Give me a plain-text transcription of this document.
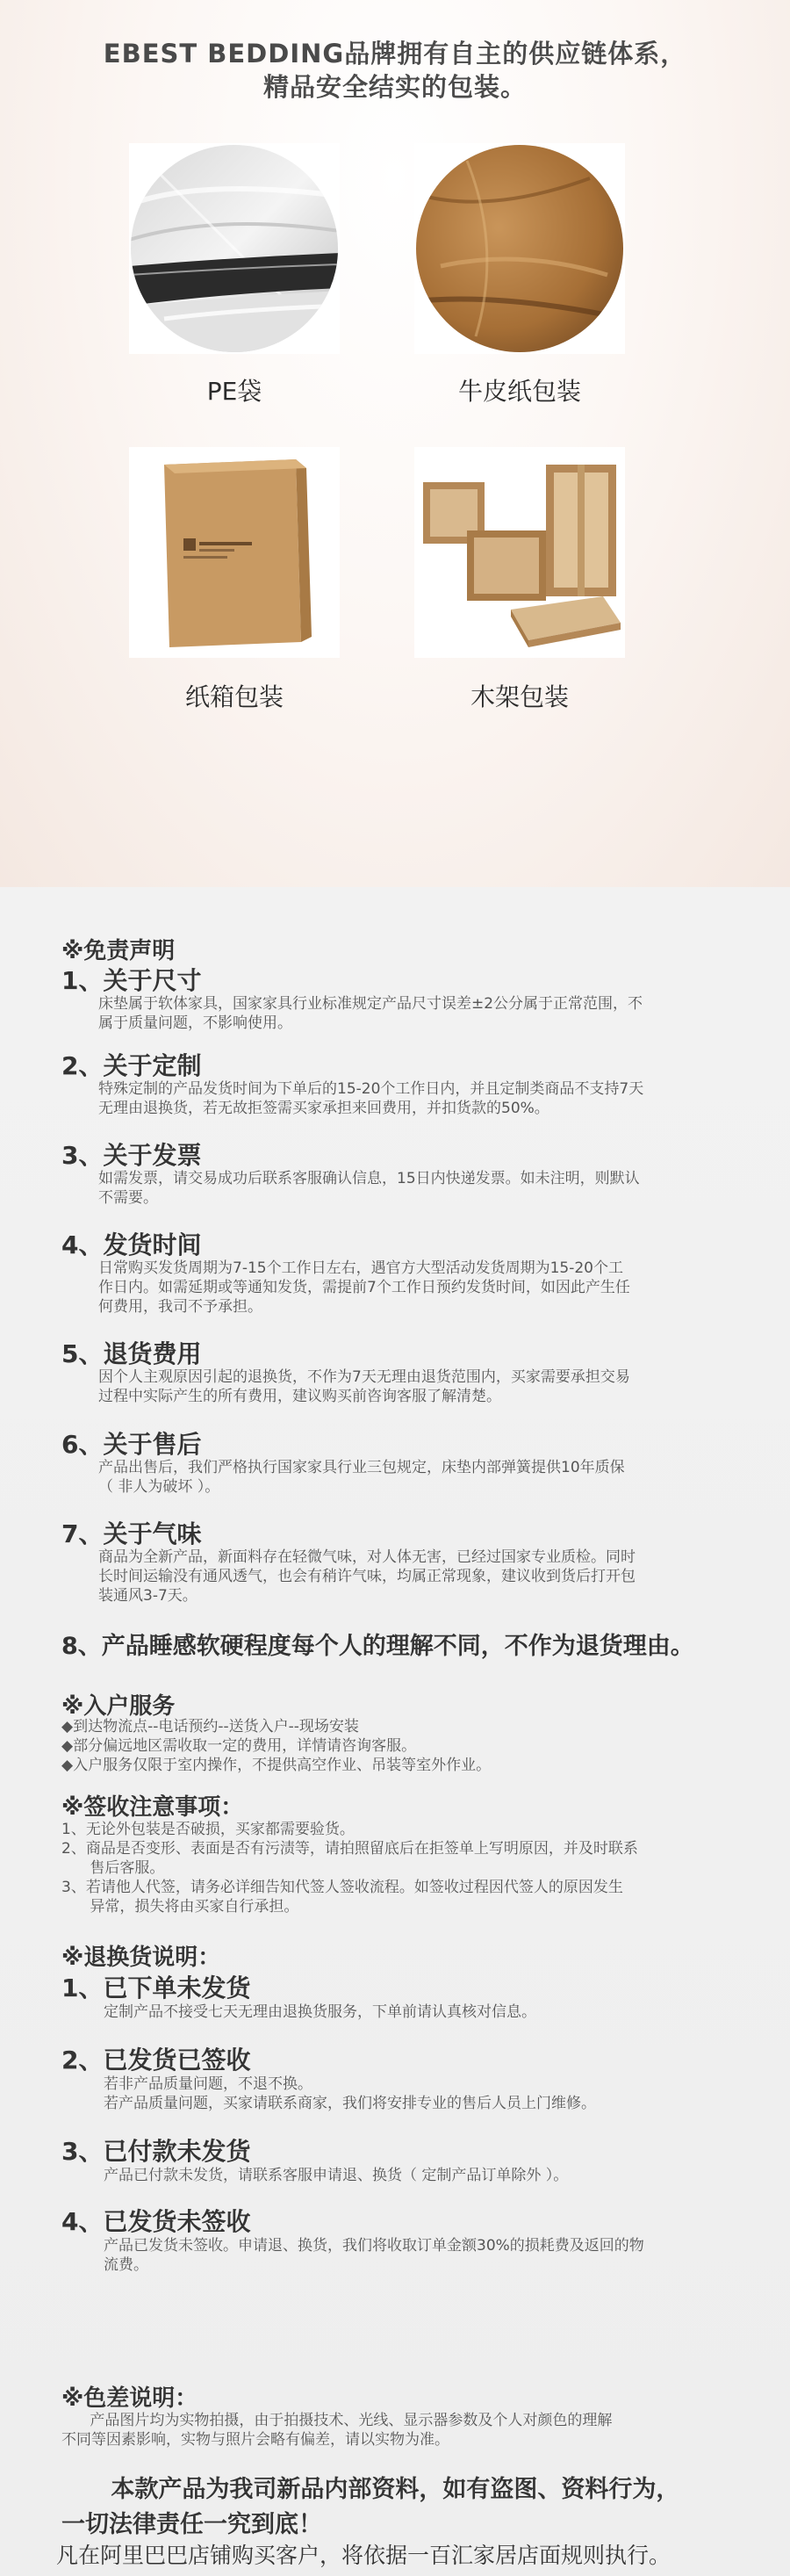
EBEST BEDDING品牌拥有自主的供应链体系，
精品安全结实的包装。
PE袋	牛皮纸包装
纸箱包装	木架包装
※免责声明
1、关于尺寸
床垫属于软体家具，国家家具行业标准规定产品尺寸误差±2公分属于正常范围，不
属于质量问题，不影响使用。
2、关于定制
特殊定制的产品发货时间为下单后的15-20个工作日内，并且定制类商品不支持7天
无理由退换货，若无故拒签需买家承担来回费用，并扣货款的50%。
3、关于发票
如需发票，请交易成功后联系客服确认信息，15日内快递发票。如未注明，则默认
不需要。
4、发货时间
日常购买发货周期为7-15个工作日左右，遇官方大型活动发货周期为15-20个工
作日内。如需延期或等通知发货，需提前7个工作日预约发货时间，如因此产生任
何费用，我司不予承担。
5、退货费用
因个人主观原因引起的退换货，不作为7天无理由退货范围内，买家需要承担交易
过程中实际产生的所有费用，建议购买前咨询客服了解清楚。
6、关于售后
产品出售后，我们严格执行国家家具行业三包规定，床垫内部弹簧提供10年质保
（ 非人为破坏 ）。
7、关于气味
商品为全新产品，新面料存在轻微气味，对人体无害，已经过国家专业质检。同时
长时间运输没有通风透气，也会有稍许气味，均属正常现象，建议收到货后打开包
装通风3-7天。
8、产品睡感软硬程度每个人的理解不同，不作为退货理由。
※入户服务
◆到达物流点--电话预约--送货入户--现场安装
◆部分偏远地区需收取一定的费用，详情请咨询客服。
◆入户服务仅限于室内操作，不提供高空作业、吊装等室外作业。
※签收注意事项：
1、无论外包装是否破损，买家都需要验货。
2、商品是否变形、表面是否有污渍等，请拍照留底后在拒签单上写明原因，并及时联系
售后客服。
3、若请他人代签，请务必详细告知代签人签收流程。如签收过程因代签人的原因发生
异常，损失将由买家自行承担。
※退换货说明：
1、已下单未发货
定制产品不接受七天无理由退换货服务，下单前请认真核对信息。
2、已发货已签收
若非产品质量问题，不退不换。
若产品质量问题，买家请联系商家，我们将安排专业的售后人员上门维修。
3、已付款未发货
产品已付款未发货，请联系客服申请退、换货（ 定制产品订单除外 ）。
4、已发货未签收
产品已发货未签收。申请退、换货，我们将收取订单金额30%的损耗费及返回的物
流费。
※色差说明：
产品图片均为实物拍摄，由于拍摄技术、光线、显示器参数及个人对颜色的理解
不同等因素影响，实物与照片会略有偏差，请以实物为准。
本款产品为我司新品内部资料，如有盗图、资料行为，
一切法律责任一究到底！
凡在阿里巴巴店铺购买客户，将依据一百汇家居店面规则执行。
